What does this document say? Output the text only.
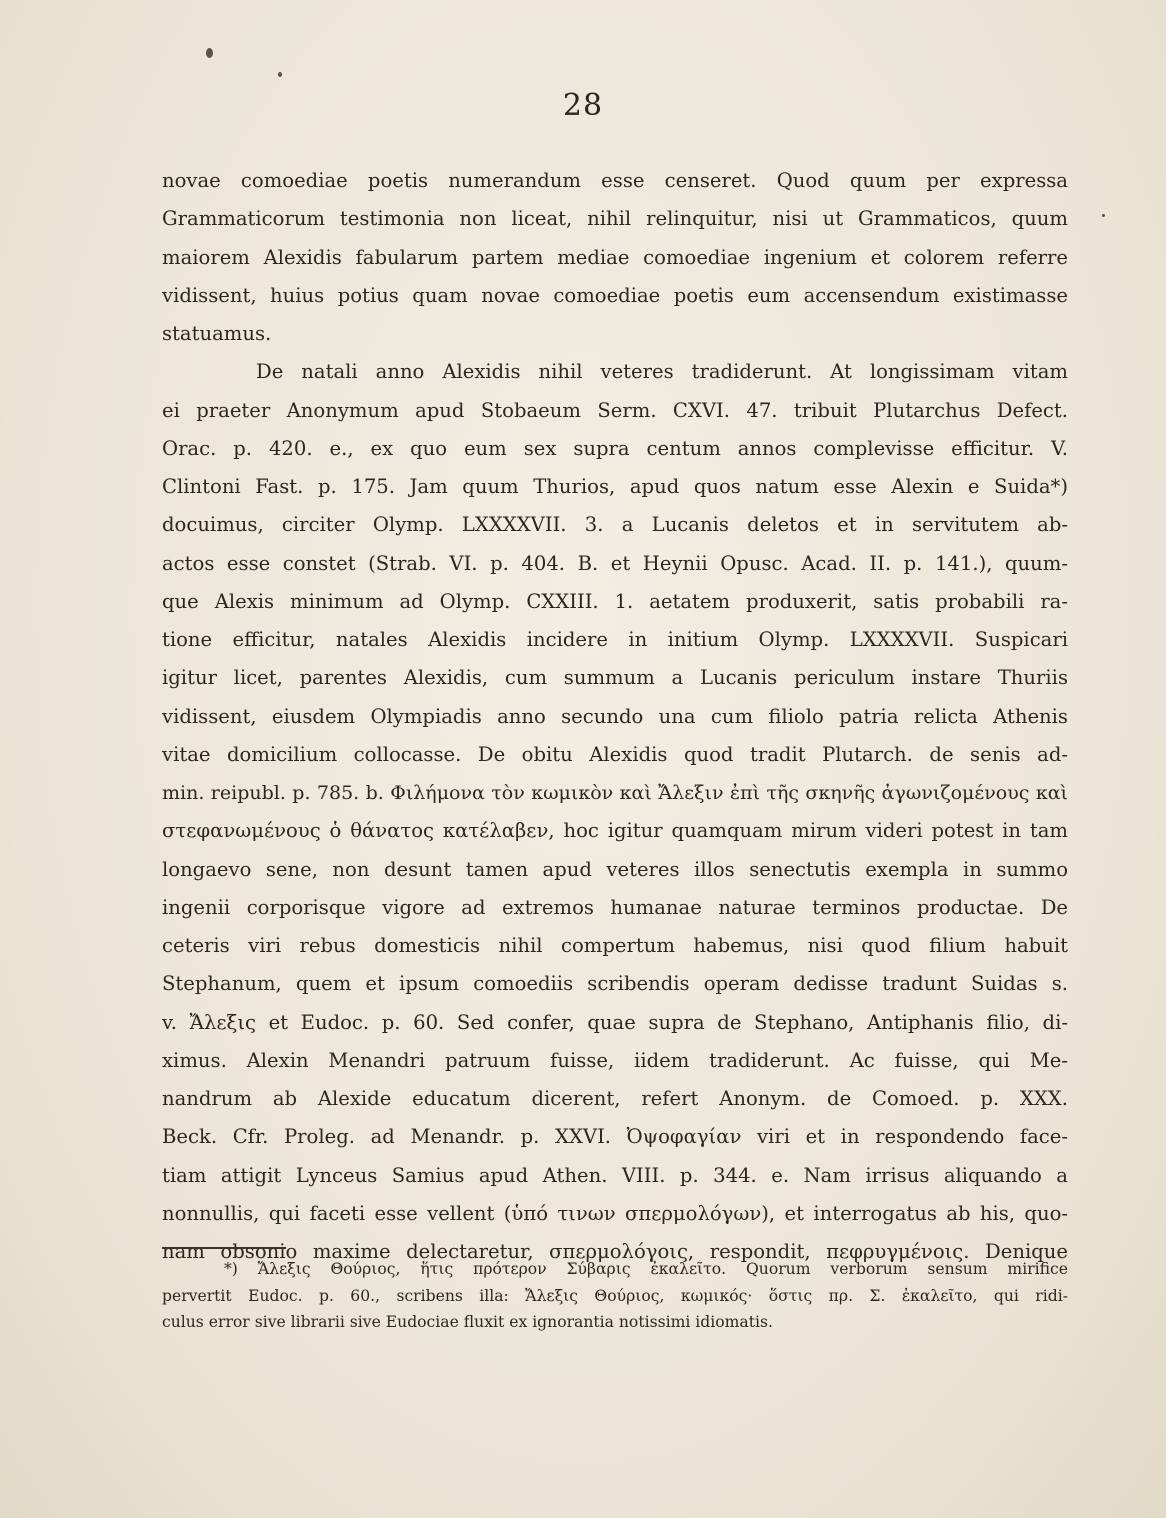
28
novae comoediae poetis numerandum esse censeret. Quod quum per expressa
Grammaticorum testimonia non liceat, nihil relinquitur, nisi ut Grammaticos, quum
maiorem Alexidis fabularum partem mediae comoediae ingenium et colorem referre
vidissent, huius potius quam novae comoediae poetis eum accensendum existimasse
statuamus.
De natali anno Alexidis nihil veteres tradiderunt. At longissimam vitam
ei praeter Anonymum apud Stobaeum Serm. CXVI. 47. tribuit Plutarchus Defect.
Orac. p. 420. e., ex quo eum sex supra centum annos complevisse efficitur. V.
Clintoni Fast. p. 175. Jam quum Thurios, apud quos natum esse Alexin e Suida*)
docuimus, circiter Olymp. LXXXXVII. 3. a Lucanis deletos et in servitutem ab-
actos esse constet (Strab. VI. p. 404. B. et Heynii Opusc. Acad. II. p. 141.), quum-
que Alexis minimum ad Olymp. CXXIII. 1. aetatem produxerit, satis probabili ra-
tione efficitur, natales Alexidis incidere in initium Olymp. LXXXXVII. Suspicari
igitur licet, parentes Alexidis, cum summum a Lucanis periculum instare Thuriis
vidissent, eiusdem Olympiadis anno secundo una cum filiolo patria relicta Athenis
vitae domicilium collocasse. De obitu Alexidis quod tradit Plutarch. de senis ad-
min. reipubl. p. 785. b. Φιλήμονα τὸν κωμικὸν καὶ Ἄλεξιν ἐπὶ τῆς σκηνῆς ἀγωνιζομένους καὶ
στεφανωμένους ὁ θάνατος κατέλαβεν, hoc igitur quamquam mirum videri potest in tam
longaevo sene, non desunt tamen apud veteres illos senectutis exempla in summo
ingenii corporisque vigore ad extremos humanae naturae terminos productae. De
ceteris viri rebus domesticis nihil compertum habemus, nisi quod filium habuit
Stephanum, quem et ipsum comoediis scribendis operam dedisse tradunt Suidas s.
v. Ἄλεξις et Eudoc. p. 60. Sed confer, quae supra de Stephano, Antiphanis filio, di-
ximus. Alexin Menandri patruum fuisse, iidem tradiderunt. Ac fuisse, qui Me-
nandrum ab Alexide educatum dicerent, refert Anonym. de Comoed. p. XXX.
Beck. Cfr. Proleg. ad Menandr. p. XXVI. Ὀψοφαγίαν viri et in respondendo face-
tiam attigit Lynceus Samius apud Athen. VIII. p. 344. e. Nam irrisus aliquando a
nonnullis, qui faceti esse vellent (ὑπό τινων σπερμολόγων), et interrogatus ab his, quo-
nam obsonio maxime delectaretur, σπερμολόγοις, respondit, πεφρυγμένοις. Denique
*) Ἄλεξις Θούριος, ἥτις πρότερον Σύβαρις ἐκαλεῖτο. Quorum verborum sensum mirifice
pervertit Eudoc. p. 60., scribens illa: Ἄλεξις Θούριος, κωμικός· ὅστις πρ. Σ. ἐκαλεῖτο, qui ridi-
culus error sive librarii sive Eudociae fluxit ex ignorantia notissimi idiomatis.
